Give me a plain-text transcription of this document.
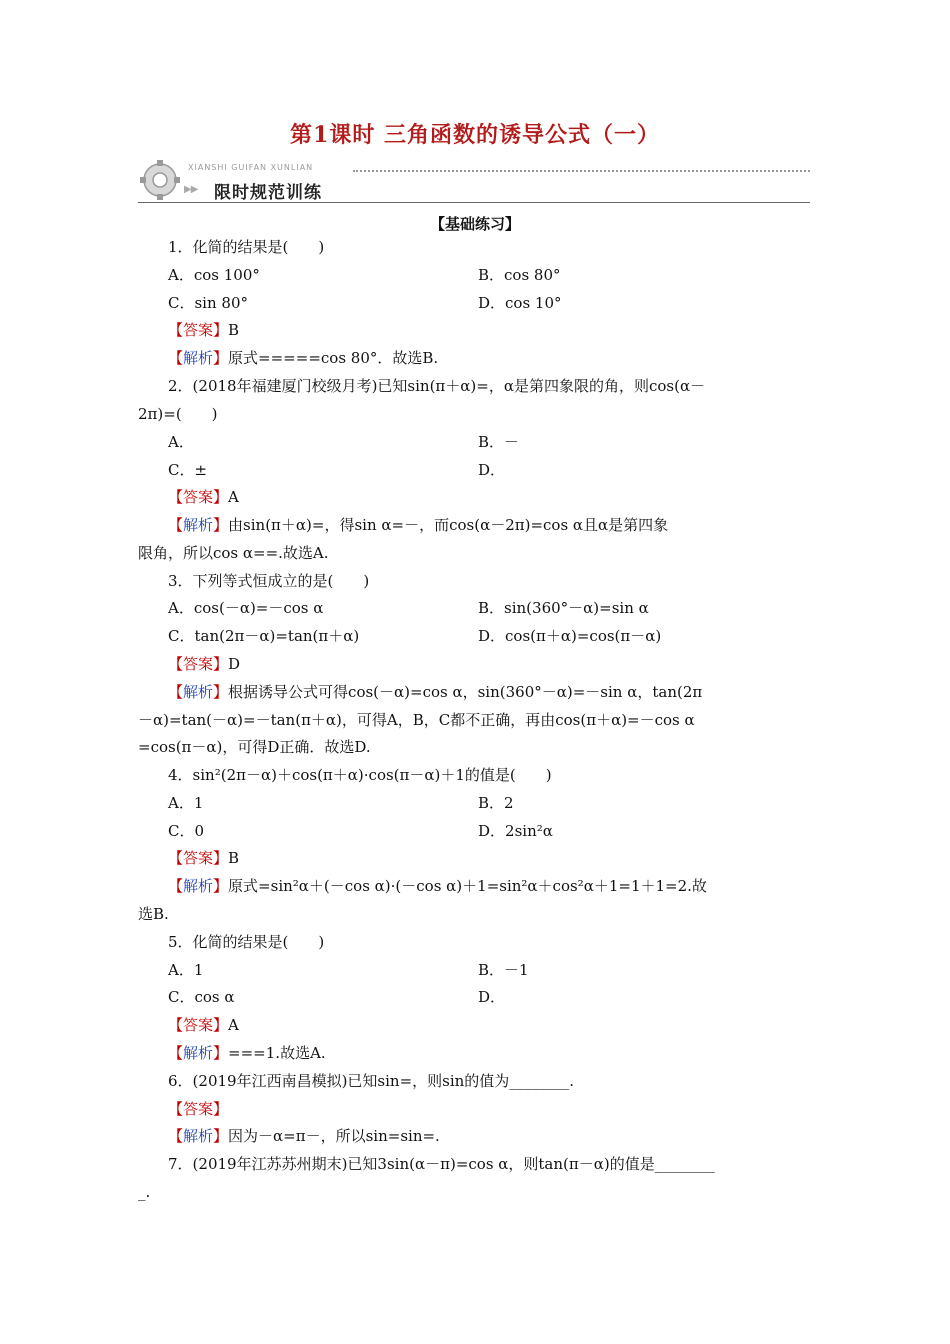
第1课时 三角函数的诱导公式（一）
XIANSHI GUIFAN XUNLIAN
▶▶ 限时规范训练
【基础练习】
1．化简的结果是(　　)
A．cos 100°	B．cos 80°
C．sin 80°	D．cos 10°
【答案】B
【解析】原式=====cos 80°．故选B.
2．(2018年福建厦门校级月考)已知sin(π＋α)=，α是第四象限的角，则cos(α－
2π)=(　　)
A．	B．－
C．±	D．
【答案】A
【解析】由sin(π＋α)=，得sin α=－，而cos(α－2π)=cos α且α是第四象
限角，所以cos α==.故选A.
3．下列等式恒成立的是(　　)
A．cos(－α)=－cos α	B．sin(360°－α)=sin α
C．tan(2π－α)=tan(π＋α)	D．cos(π＋α)=cos(π－α)
【答案】D
【解析】根据诱导公式可得cos(－α)=cos α，sin(360°－α)=－sin α，tan(2π
－α)=tan(－α)=－tan(π＋α)，可得A，B，C都不正确，再由cos(π＋α)=－cos α
=cos(π－α)，可得D正确．故选D.
4．sin²(2π－α)＋cos(π＋α)·cos(π－α)＋1的值是(　　)
A．1	B．2
C．0	D．2sin²α
【答案】B
【解析】原式=sin²α＋(－cos α)·(－cos α)＋1=sin²α＋cos²α＋1=1＋1=2.故
选B.
5．化简的结果是(　　)
A．1	B．－1
C．cos α	D．
【答案】A
【解析】===1.故选A.
6．(2019年江西南昌模拟)已知sin=，则sin的值为________.
【答案】
【解析】因为－α=π－，所以sin=sin=.
7．(2019年江苏苏州期末)已知3sin(α－π)=cos α，则tan(π－α)的值是________
_.
